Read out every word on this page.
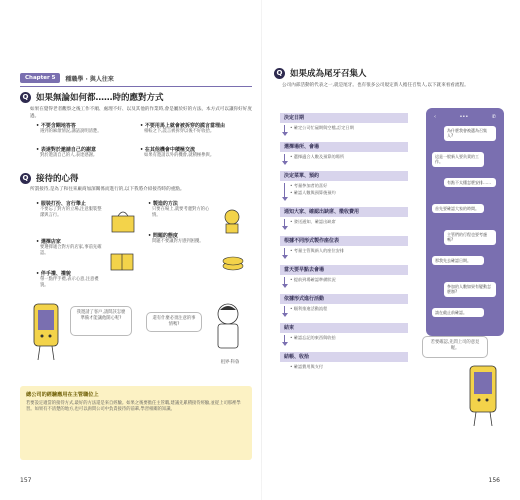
Chapter 5	種職學 · 與人往來
Q 如果無論如何都……時的應對方式
如果在覺得老者觀察之後工作不順、處理不好、以及其他的作業時,會是屬於好的方法、本方式可以讓你好好度過。
• 不要含糊地答答
遇到的麻煩情況,講話說明清楚。
• 不要用馬上就會被拆穿的謊言當理由
相較之下,謊言被拆穿以後不好收拾。
• 表達對於邀請自己的謝意
對於邀請自己的人,表達感謝。
• 在其他機會中積極交流
如果有邀請以外的機會,就積極參與。
Q 接待的心得
所謂接待,是為了和往來廠商加深關係而進行的,以下我將介紹接待時的重點。
• 服裝打扮、言行舉止
不要忘了對方的立場,注意服裝整潔與言行。
• 製造的方法
只要在場上,就要考慮對方的心情。
• 選擇店家
要選擇適合對方的店家,事前先確認。
• 問題的態度
問題不要讓對方感到困擾。
• 伴手禮、禮貌
帶一點伴手禮,表示心意,注意禮貌。
我邀請了客戶,請問該怎麼準備才能讓他開心呢?	還有什麼必須注意的事情嗎?
租界·科魯
總公司的經驗應用在主管職位上
若要設定適當的接待方式,最好的方法還是來自經驗。如果之後要擔任主管職,建議先累積接待經驗,並從上司那裡學習。如果有不清楚的地方,也可以詢問公司中負責接待的前輩,學習相關的知識。
157
Q 如果成為尾牙召集人
公司內部活動的代表之一,就是尾牙。也有很多公司規定新人擔任召集人,以下就來看看流程。
‹	•••	✆
為什麼我會被選為召集人?
這是一般新人要負責的工作。
有點不太懂怎麼安排……
首先要確認大家的時間。
主管們的行程也要考慮嗎?
那我先去確認日期。
參加的人數如果有變動怎麼辦?
請在截止前確認。
若要確認,先問上司的意見喔。
156
決定日期
• 確定公司忙碌期與空檔,訂定日期
選擇場所、會場
• 選擇適合人數及預算的場所
決定菜單、預約
• 考量參加者的喜好
• 確認人數與預算後預約
通知大家、確認出缺席、徵收費用
• 發送通知、確認出缺席
根據不同形式製作座位表
• 考量主管與新人的座位安排
當天要早點去會場
• 提前到場確認準備狀況
依據形式進行活動
• 順利推進活動流程
結束
• 確認忘記的東西與收拾
結帳、收拾
• 確認費用與支付
